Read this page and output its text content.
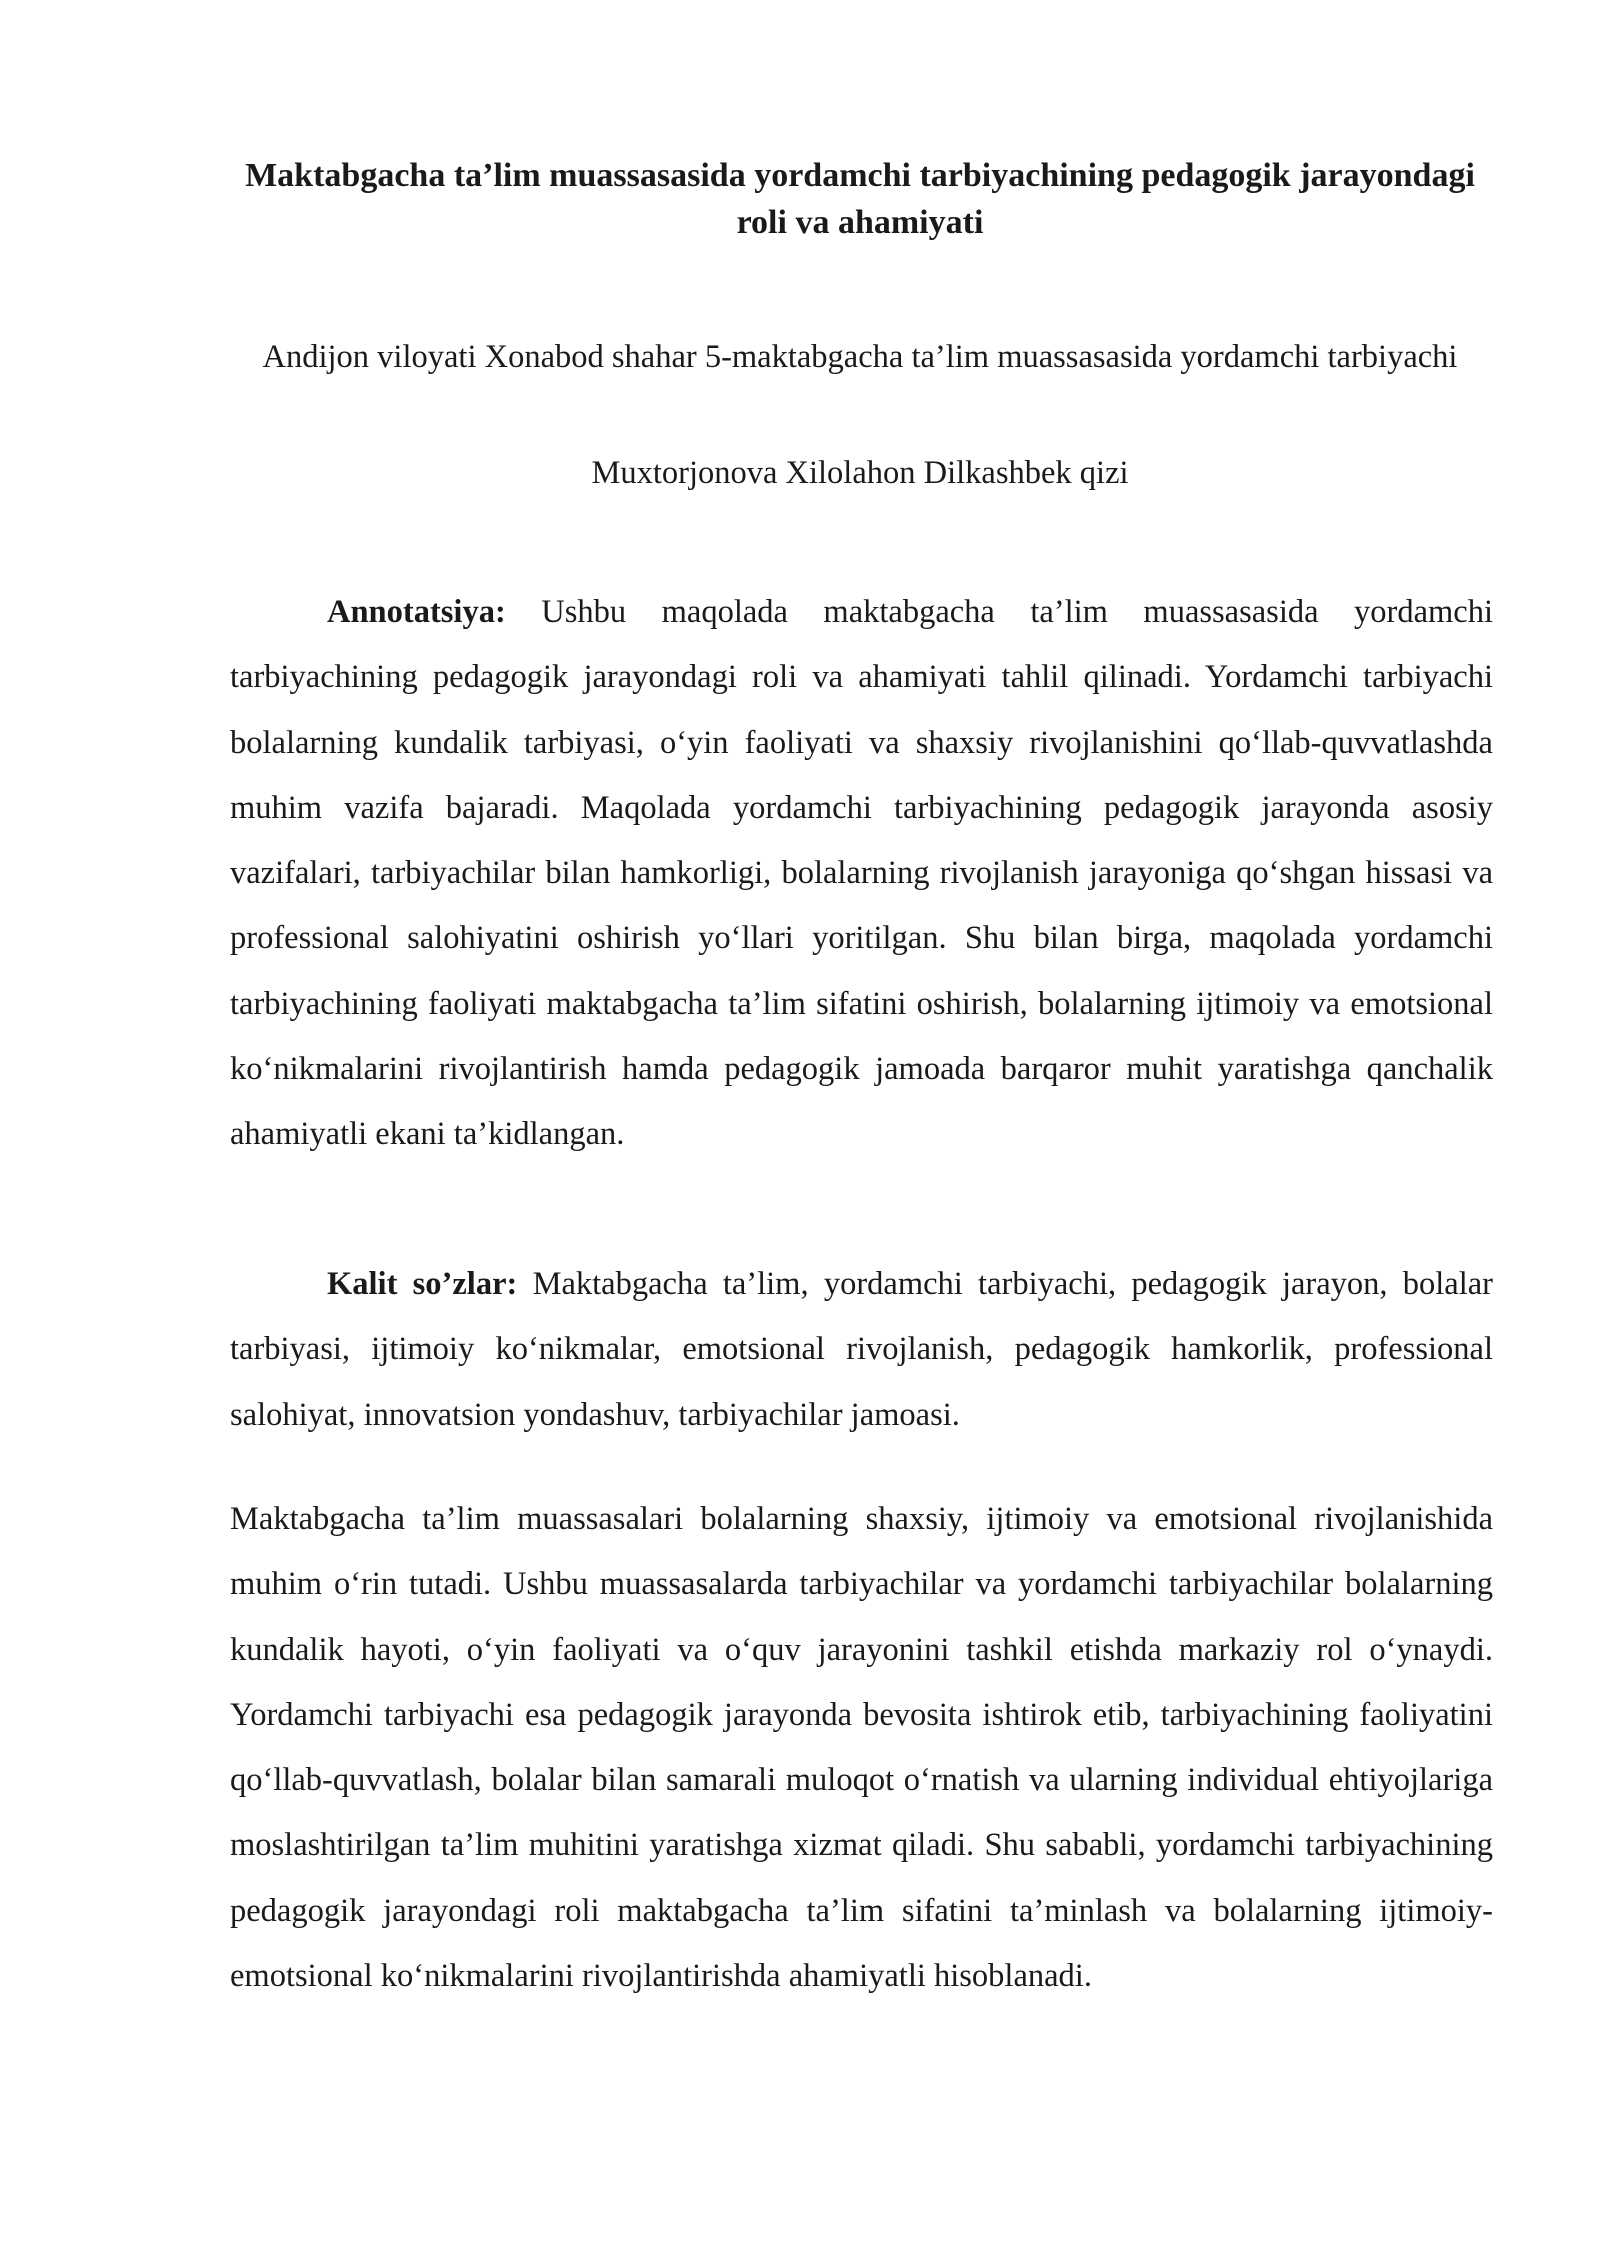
Maktabgacha ta’lim muassasasida yordamchi tarbiyachining pedagogik jarayondagi roli va ahamiyati

Andijon viloyati Xonabod shahar 5-maktabgacha ta’lim muassasasida yordamchi tarbiyachi

Muxtorjonova Xilolahon Dilkashbek qizi

Annotatsiya: Ushbu maqolada maktabgacha ta’lim muassasasida yordamchi tarbiyachining pedagogik jarayondagi roli va ahamiyati tahlil qilinadi. Yordamchi tarbiyachi bolalarning kundalik tarbiyasi, o‘yin faoliyati va shaxsiy rivojlanishini qo‘llab-quvvatlashda muhim vazifa bajaradi. Maqolada yordamchi tarbiyachining pedagogik jarayonda asosiy vazifalari, tarbiyachilar bilan hamkorligi, bolalarning rivojlanish jarayoniga qo‘shgan hissasi va professional salohiyatini oshirish yo‘llari yoritilgan. Shu bilan birga, maqolada yordamchi tarbiyachining faoliyati maktabgacha ta’lim sifatini oshirish, bolalarning ijtimoiy va emotsional ko‘nikmalarini rivojlantirish hamda pedagogik jamoada barqaror muhit yaratishga qanchalik ahamiyatli ekani ta’kidlangan.

Kalit so’zlar: Maktabgacha ta’lim, yordamchi tarbiyachi, pedagogik jarayon, bolalar tarbiyasi, ijtimoiy ko‘nikmalar, emotsional rivojlanish, pedagogik hamkorlik, professional salohiyat, innovatsion yondashuv, tarbiyachilar jamoasi.

Maktabgacha ta’lim muassasalari bolalarning shaxsiy, ijtimoiy va emotsional rivojlanishida muhim o‘rin tutadi. Ushbu muassasalarda tarbiyachilar va yordamchi tarbiyachilar bolalarning kundalik hayoti, o‘yin faoliyati va o‘quv jarayonini tashkil etishda markaziy rol o‘ynaydi. Yordamchi tarbiyachi esa pedagogik jarayonda bevosita ishtirok etib, tarbiyachining faoliyatini qo‘llab-quvvatlash, bolalar bilan samarali muloqot o‘rnatish va ularning individual ehtiyojlariga moslashtirilgan ta’lim muhitini yaratishga xizmat qiladi. Shu sababli, yordamchi tarbiyachining pedagogik jarayondagi roli maktabgacha ta’lim sifatini ta’minlash va bolalarning ijtimoiy-emotsional ko‘nikmalarini rivojlantirishda ahamiyatli hisoblanadi.
